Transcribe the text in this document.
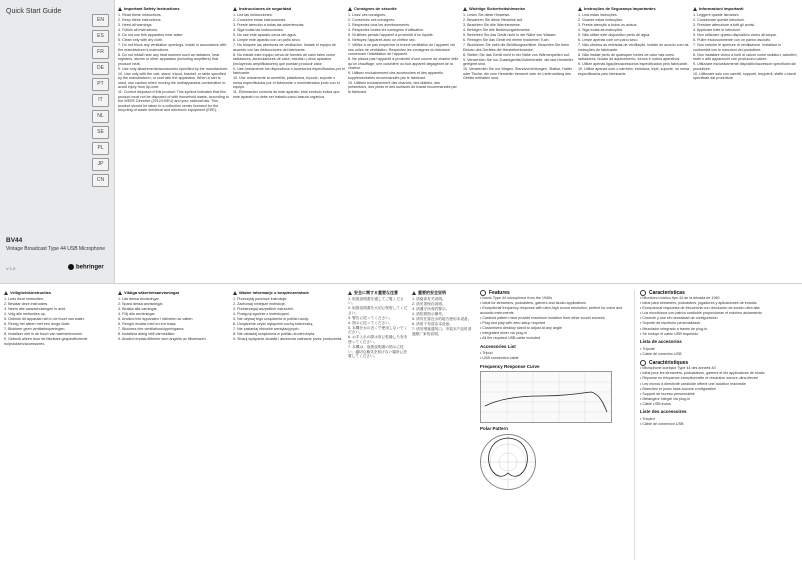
Quick Start Guide
EN
ES
FR
DE
PT
IT
NL
SE
PL
JP
CN
BV44
Vintage Broadcast Type 44 USB Microphone
V 1.0	behringer
Important Safety Instructions

1. Read these instructions.

2. Keep these instructions.

3. Heed all warnings.

4. Follow all instructions.

5. Do not use this apparatus near water.

6. Clean only with dry cloth.

7. Do not block any ventilation openings. Install in accordance with the manufacturer's instructions.

8. Do not install near any heat sources such as radiators, heat registers, stoves or other apparatus (including amplifiers) that produce heat.

9. Use only attachments/accessories specified by the manufacturer.

10. Use only with the cart, stand, tripod, bracket, or table specified by the manufacturer, or sold with the apparatus. When a cart is used, use caution when moving the cart/apparatus combination to avoid injury from tip-over.

11. Correct disposal of this product: This symbol indicates that this product must not be disposed of with household waste, according to the WEEE Directive (2012/19/EU) and your national law. This product should be taken to a collection center licensed for the recycling of waste electrical and electronic equipment (EEE).

Instrucciones de seguridad

1. Lea las instrucciones.

2. Conserve estas instrucciones.

3. Preste atención a todas las advertencias.

4. Siga todas las instrucciones.

5. No use este aparato cerca del agua.

6. Limpie este aparato con un paño seco.

7. No bloquee las aberturas de ventilación. Instale el equipo de acuerdo con las instrucciones del fabricante.

8. No instale este equipo cerca de fuentes de calor tales como radiadores, acumuladores de calor, estufas u otros aparatos (incluyendo amplificadores) que puedan producir calor.

9. Use únicamente los dispositivos o accesorios especificados por el fabricante.

10. Use únicamente la carretilla, plataforma, trípode, soporte o mesa especificados por el fabricante o suministrados junto con el equipo.

11. Eliminación correcta de este aparato: este símbolo indica que este aparato no debe ser tratado como basura orgánica.

Consignes de sécurité

1. Lisez ces consignes.

2. Conservez ces consignes.

3. Respectez tous les avertissements.

4. Respectez toutes les consignes d'utilisation.

5. N'utilisez jamais l'appareil à proximité d'un liquide.

6. Nettoyez l'appareil avec un chiffon sec.

7. Veillez à ne pas empêcher la bonne ventilation de l'appareil via ses ouïes de ventilation. Respectez les consignes du fabricant concernant l'installation de l'appareil.

8. Ne placez pas l'appareil à proximité d'une source de chaleur telle qu'un chauffage, une cuisinière ou tout appareil dégageant de la chaleur.

9. Utilisez exclusivement des accessoires et des appareils supplémentaires recommandés par le fabricant.

10. Utilisez exclusivement des chariots, des diables, des présentoirs, des pieds et des surfaces de travail recommandés par le fabricant.

Wichtige Sicherheitshinweise

1. Lesen Sie diese Hinweise.

2. Bewahren Sie diese Hinweise auf.

3. Beachten Sie alle Warnhinweise.

4. Befolgen Sie alle Bedienungshinweise.

5. Betreiben Sie das Gerät nicht in der Nähe von Wasser.

6. Reinigen Sie das Gerät mit einem trockenen Tuch.

7. Blockieren Sie nicht die Belüftungsschlitze. Beachten Sie beim Einbau des Gerätes die Herstellerhinweise.

8. Stellen Sie das Gerät nicht in der Nähe von Wärmequellen auf.

9. Verwenden Sie nur Zusatzgeräte/Zubehörteile, die laut Hersteller geeignet sind.

10. Verwenden Sie nur Wagen, Standvorrichtungen, Stative, Halter oder Tische, die vom Hersteller benannt oder im Lieferumfang des Geräts enthalten sind.

Instruções de Segurança Importantes

1. Leia estas instruções.

2. Guarde estas instruções.

3. Preste atenção a todos os avisos.

4. Siga todas as instruções.

5. Não utilize este dispositivo perto de água.

6. Limpe apenas com um pano seco.

7. Não obstrua as entradas de ventilação. Instale de acordo com as instruções do fabricante.

8. Não instale perto de quaisquer fontes de calor tais como radiadores, bocais de aquecimento, fornos e outros aparelhos.

9. Utilize apenas ligações/acessórios especificados pelo fabricante.

10. Utilize apenas com o carrinho, estrutura, tripé, suporte, ou mesa especificados pelo fabricante.

Informazioni importanti

1. Leggere queste istruzioni.

2. Conservare queste istruzioni.

3. Prestare attenzione a tutti gli avvisi.

4. Applicare tutte le istruzioni.

5. Non utilizzare questo dispositivo vicino all'acqua.

6. Pulire esclusivamente con un panno asciutto.

7. Non ostruire le aperture di ventilazione. Installare in conformità con le istruzioni del produttore.

8. Non installare vicino a fonti di calore come radiatori, caloriferi, stufe o altri apparecchi che producono calore.

9. Utilizzare esclusivamente dispositivi/accessori specificati dal produttore.

10. Utilizzare solo con carrelli, supporti, treppiedi, staffe o tavoli specificati dal produttore.

Veiligheidsinstructies

1. Lees deze instructies.

2. Bewaar deze instructies.

3. Neem alle waarschuwingen in acht.

4. Volg alle instructies op.

5. Gebruik dit apparaat niet in de buurt van water.

6. Reinig het alleen met een droge doek.

7. Blokkeer geen ventilatieopeningen.

8. Installeer niet in de buurt van warmtebronnen.

9. Gebruik alleen door de fabrikant gespecificeerde hulpstukken/accessoires.

Viktiga säkerhetsanvisningar

1. Läs dessa anvisningar.

2. Spara dessa anvisningar.

3. Beakta alla varningar.

4. Följ alla anvisningar.

5. Använd inte apparaten i närheten av vatten.

6. Rengör endast med en torr trasa.

7. Blockera inte ventilationsöppningarna.

8. Installera aldrig intill värmekällor.

9. Använd endast tillbehör som angivits av tillverkaren.

Ważne informacje o bezpieczeństwie

1. Przeczytaj poniższe instrukcje.

2. Zachowaj niniejsze instrukcje.

3. Przestrzegaj wszystkich ostrzeżeń.

4. Postępuj zgodnie z instrukcjami.

5. Nie używaj tego urządzenia w pobliżu wody.

6. Urządzenie czyść wyłącznie suchą ściereczką.

7. Nie zasłaniaj otworów wentylacyjnych.

8. Nie ustawiaj urządzenia w pobliżu źródeł ciepła.

9. Stosuj wyłącznie dodatki i akcesoria zalecane przez producenta.

安全に関する重要な注意

1. 取扱説明書を通してご覧ください。

2. 取扱説明書を大切に保管してください。

3. 警告に従ってください。

4. 指示に従ってください。

5. 本機を水の近くで使用しないでください。

6. お手入れの際は常に乾燥した布を使ってください。

7. 本機は、取扱説明書の指示に従い、適切な換気を妨げない場所に設置してください。

重要的安全说明

1. 请阅读有关说明。

2. 请妥善保存说明。

3. 请遵守所有的警示。

4. 请依照指示操作。

5. 请勿在靠近水的地方使用本设备。

6. 请用干布清洁本设备。

7. 请勿堵塞通风口。安装本产品时请遵照厂家的说明。

Features

• Iconic Type 44 microphone from the 1940s

• Ideal for streamers, podcasters, gamers and studio applications

• Exceptional frequency response with ultra-high sound resolution, perfect for voice and acoustic instruments

• Cardioid pattern mics provide maximum isolation from other sound sources

• Plug and play with zero setup required

• Customized desktop stand to adjust at any angle

• Integrated mixer via plug-in

• All the required USB cable included

Accessories List

• Tripod

• USB connection cable

Frequency Response Curve
Polar Pattern
Características

• Micrófono icónico tipo 44 de la década de 1940

• Ideal para streamers, podcasters, jugadores y aplicaciones de estudio

• Excepcional respuesta de frecuencia con resolución de sonido ultra alta

• Los micrófonos con patrón cardioide proporcionan el máximo aislamiento

• Conecte y use sin necesidad de configuración

• Soporte de escritorio personalizado

• Mezclador integrado a través de plug-in

• Se incluye el cable USB requerido

Lista de accesorios

• Trípode

• Cable de conexión USB

Caractéristiques

• Microphone iconique Type 44 des années 40

• Idéal pour les streamers, podcasteurs, gamers et les applications de studio

• Réponse en fréquence exceptionnelle et résolution sonore ultra-élevée

• Les micros à directivité cardioïde offrent une isolation maximale

• Branchez et jouez sans aucune configuration

• Support de bureau personnalisé

• Mélangeur intégré via plug-in

• Câble USB inclus

Liste des accessoires

• Trépied

• Câble de connexion USB
